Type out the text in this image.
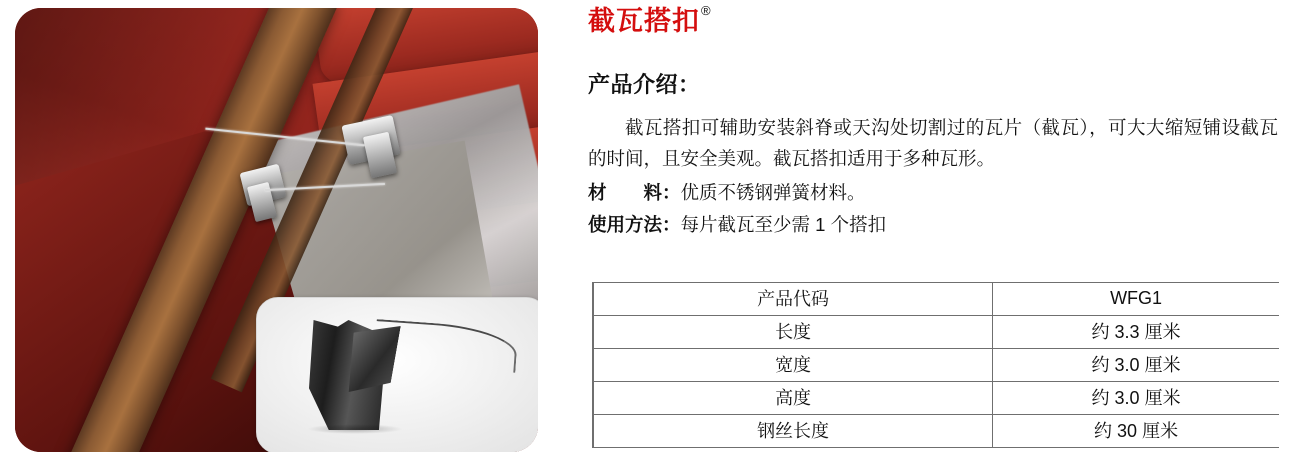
截瓦搭扣 ®
产品介绍：
截瓦搭扣可辅助安装斜脊或天沟处切割过的瓦片（截瓦），可大大缩短铺设截瓦的时间，且安全美观。截瓦搭扣适用于多种瓦形。
材　　料：优质不锈钢弹簧材料。
使用方法：每片截瓦至少需 1 个搭扣
产品代码	WFG1
长度	约 3.3 厘米
宽度	约 3.0 厘米
高度	约 3.0 厘米
钢丝长度	约 30 厘米
